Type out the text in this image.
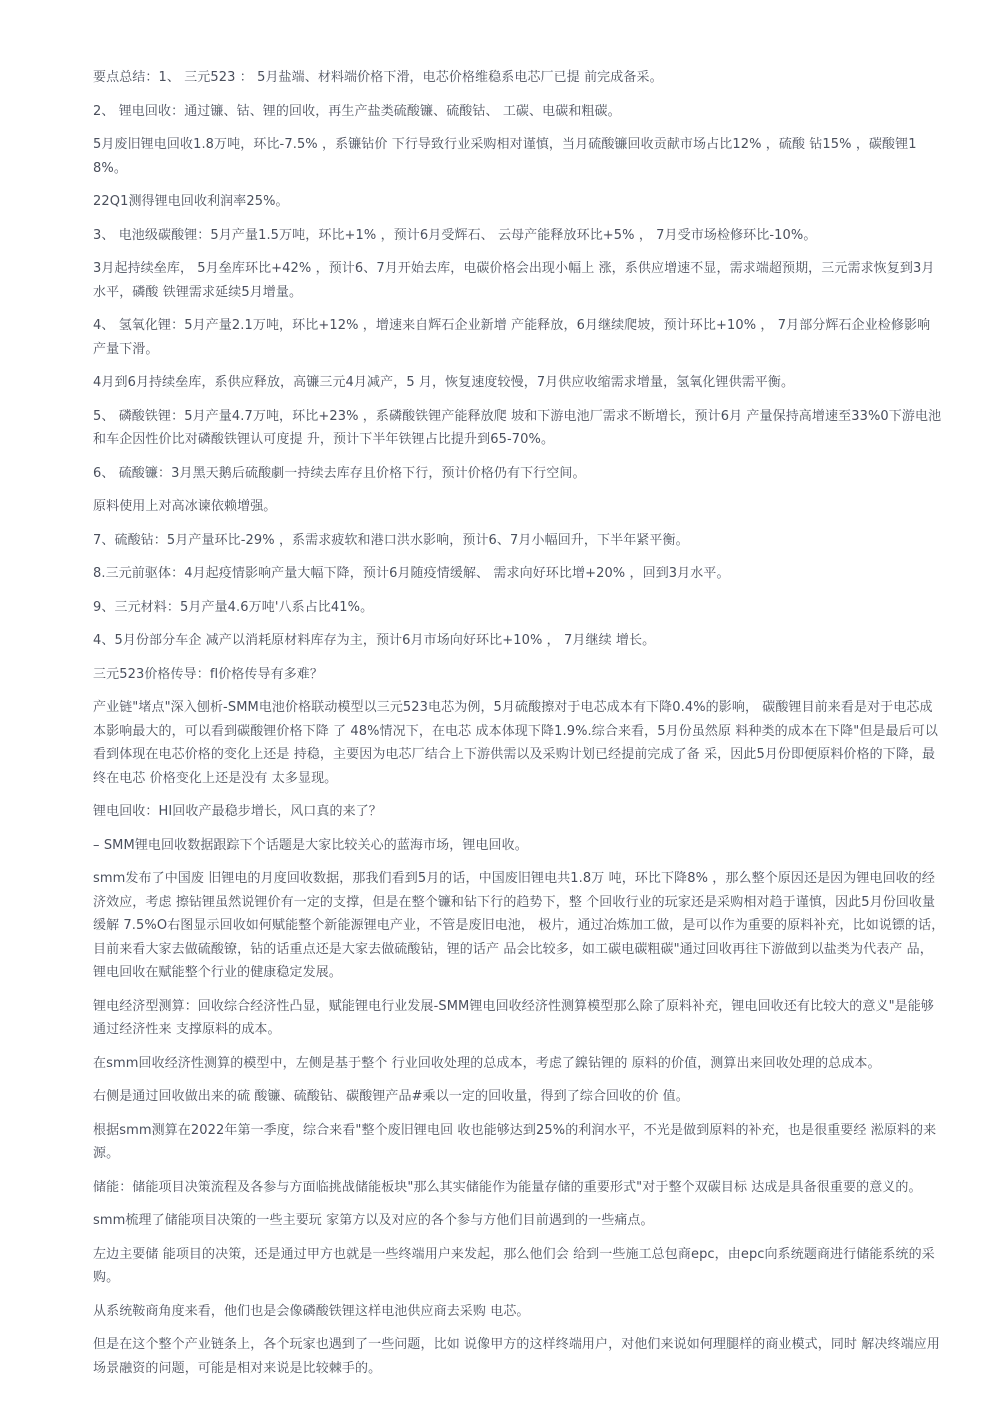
要点总结：1、 三元523 ： 5月盐端、材料端价格下滑，电芯价格维稳系电芯厂已提 前完成备采。

2、 锂电回收：通过镰、钴、锂的回收，再生产盐类硫酸镰、硫酸钴、 工碳、电碳和粗碳。

5月废旧锂电回收1.8万吨，环比-7.5% ，系镰钻价 下行导致行业采购相对谨慎，当月硫酸镰回收贡献市场占比12% ，硫酸 钻15% ，碳酸锂18%。

22Q1测得锂电回收利润率25%。

3、 电池级碳酸锂：5月产量1.5万吨，环比+1% ，预计6月受辉石、 云母产能释放环比+5% ， 7月受市场检修环比-10%。

3月起持续垒库， 5月垒库环比+42% ，预计6、7月开始去库，电碳价格会出现小幅上 涨，系供应增速不显，需求端超预期，三元需求恢复到3月水平，磷酸 铁锂需求延续5月增量。

4、 氢氧化锂：5月产量2.1万吨，环比+12% ，增速来自辉石企业新增 产能释放，6月继续爬坡，预计环比+10% ， 7月部分辉石企业检修影响 产量下滑。

4月到6月持续垒库，系供应释放，高镰三元4月减产，5 月，恢复速度较慢，7月供应收缩需求增量，氢氧化锂供需平衡。

5、 磷酸铁锂：5月产量4.7万吨，环比+23% ，系磷酸铁锂产能释放爬 坡和下游电池厂需求不断增长，预计6月 产量保持高增速至33%0下游电池和车企因性价比对磷酸铁锂认可度提 升，预计下半年铁锂占比提升到65-70%。

6、 硫酸镰：3月黑天鹅后硫酸劇一持续去库存且价格下行，预计价格仍有下行空间。

原料使用上对高冰谏依赖增强。

7、硫酸钻：5月产量环比-29% ，系需求疲软和港口洪水影响，预计6、7月小幅回升，下半年紧平衡。

8.三元前驱体：4月起疫情影响产量大幅下降，预计6月随疫情缓解、 需求向好环比增+20% ，回到3月水平。

9、三元材料：5月产量4.6万吨'八系占比41%。

4、5月份部分车企 减产以消耗原材料库存为主，预计6月市场向好环比+10% ， 7月继续 增长。

三元523价格传导：fl价格传导有多难？

产业链"堵点"深入刨析-SMM电池价格联动模型以三元523电芯为例，5月硫酸擦对于电芯成本有下降0.4%的影响， 碳酸锂目前来看是对于电芯成本影响最大的，可以看到碳酸锂价格下降 了 48%情况下，在电芯 成本体现下降1.9%.综合来看，5月份虽然原 料种类的成本在下降"但是最后可以看到体现在电芯价格的变化上还是 持稳，主要因为电芯厂结合上下游供需以及采购计划已经提前完成了备 采，因此5月份即便原料价格的下降，最终在电芯 价格变化上还是没有 太多显现。

锂电回收：HI回收产最稳步增长，风口真的来了？

– SMM锂电回收数据跟踪下个话题是大家比较关心的蓝海市场，锂电回收。

smm发布了中国废 旧锂电的月度回收数据，那我们看到5月的话，中国废旧锂电共1.8万 吨，环比下降8% ，那么整个原因还是因为锂电回收的经济效应，考虑 擦钻锂虽然说锂价有一定的支撑，但是在整个镰和钻下行的趋势下，整 个回收行业的玩家还是采购相对趋于谨慎，因此5月份回收量缓解 7.5%O右图显示回收如何赋能整个新能源锂电产业，不管是废旧电池， 极片，通过冶炼加工做，是可以作为重要的原料补充，比如说镖的话， 目前来看大家去做硫酸镣，钻的话重点还是大家去做硫酸钻，锂的话产 品会比较多，如工碳电碳粗碳"通过回收再往下游做到以盐类为代表产 品，锂电回收在赋能整个行业的健康稳定发展。

锂电经济型测算：回收综合经济性凸显，赋能锂电行业发展-SMM锂电回收经济性测算模型那么除了原料补充，锂电回收还有比较大的意义"是能够通过经济性来 支撑原料的成本。

在smm回收经济性测算的模型中，左侧是基于整个 行业回收处理的总成本，考虑了鎳钻锂的 原料的价值，测算出来回收处理的总成本。

右侧是通过回收做出来的硫 酸镰、硫酸钻、碳酸锂产品#乘以一定的回收量，得到了综合回收的价 值。

根据smm测算在2022年第一季度，综合来看"整个废旧锂电回 收也能够达到25%的利润水平，不光是做到原料的补充，也是很重要经 淞原料的来源。

储能：储能项目决策流程及各参与方面临挑战储能板块"那么其实储能作为能量存储的重要形式"对于整个双碳目标 达成是具备很重要的意义的。

smm梳理了储能项目决策的一些主要玩 家第方以及对应的各个参与方他们目前遇到的一些痛点。

左边主要储 能项目的决策，还是通过甲方也就是一些终端用户来发起，那么他们会 给到一些施工总包商epc，由epc向系统题商进行储能系统的采购。

从系统鞍商角度来看，他们也是会像磷酸铁锂这样电池供应商去采购 电芯。

但是在这个整个产业链条上，各个玩家也遇到了一些问题，比如 说像甲方的这样终端用户，对他们来说如何理腿样的商业模式，同时 解决终端应用场景融资的问题，可能是相对来说是比较棘手的。
